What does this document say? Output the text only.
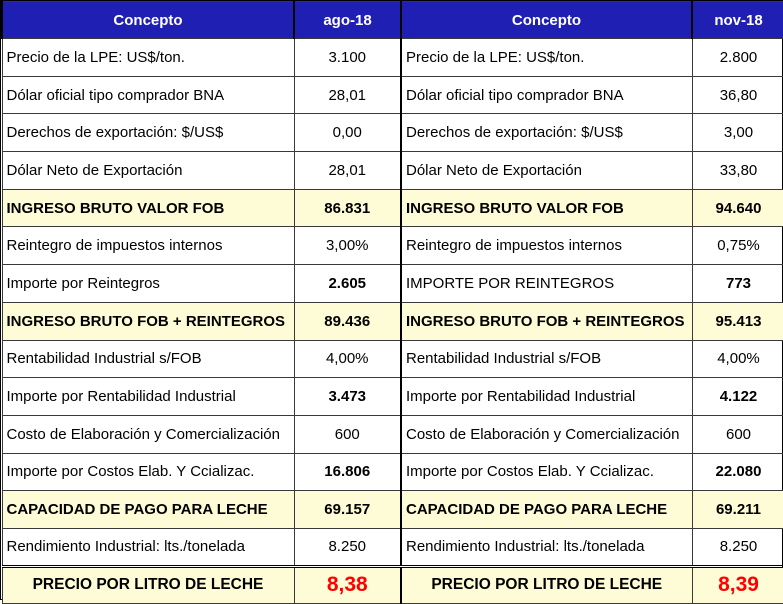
Concepto	ago-18	Concepto	nov-18
Precio de la LPE: US$/ton.	3.100	Precio de la LPE: US$/ton.	2.800
Dólar oficial tipo comprador BNA	28,01	Dólar oficial tipo comprador BNA	36,80
Derechos de exportación: $/US$	0,00	Derechos de exportación: $/US$	3,00
Dólar Neto de Exportación	28,01	Dólar Neto de Exportación	33,80
INGRESO BRUTO VALOR FOB	86.831	INGRESO BRUTO VALOR FOB	94.640
Reintegro de impuestos internos	3,00%	Reintegro de impuestos internos	0,75%
Importe por Reintegros	2.605	IMPORTE POR REINTEGROS	773
INGRESO BRUTO FOB + REINTEGROS	89.436	INGRESO BRUTO FOB + REINTEGROS	95.413
Rentabilidad Industrial s/FOB	4,00%	Rentabilidad Industrial s/FOB	4,00%
Importe por Rentabilidad Industrial	3.473	Importe por Rentabilidad Industrial	4.122
Costo de Elaboración y Comercialización	600	Costo de Elaboración y Comercialización	600
Importe por Costos Elab. Y Ccializac.	16.806	Importe por Costos Elab. Y Ccializac.	22.080
CAPACIDAD DE PAGO PARA LECHE	69.157	CAPACIDAD DE PAGO PARA LECHE	69.211
Rendimiento Industrial: lts./tonelada	8.250	Rendimiento Industrial: lts./tonelada	8.250
PRECIO POR LITRO DE LECHE	8,38	PRECIO POR LITRO DE LECHE	8,39
